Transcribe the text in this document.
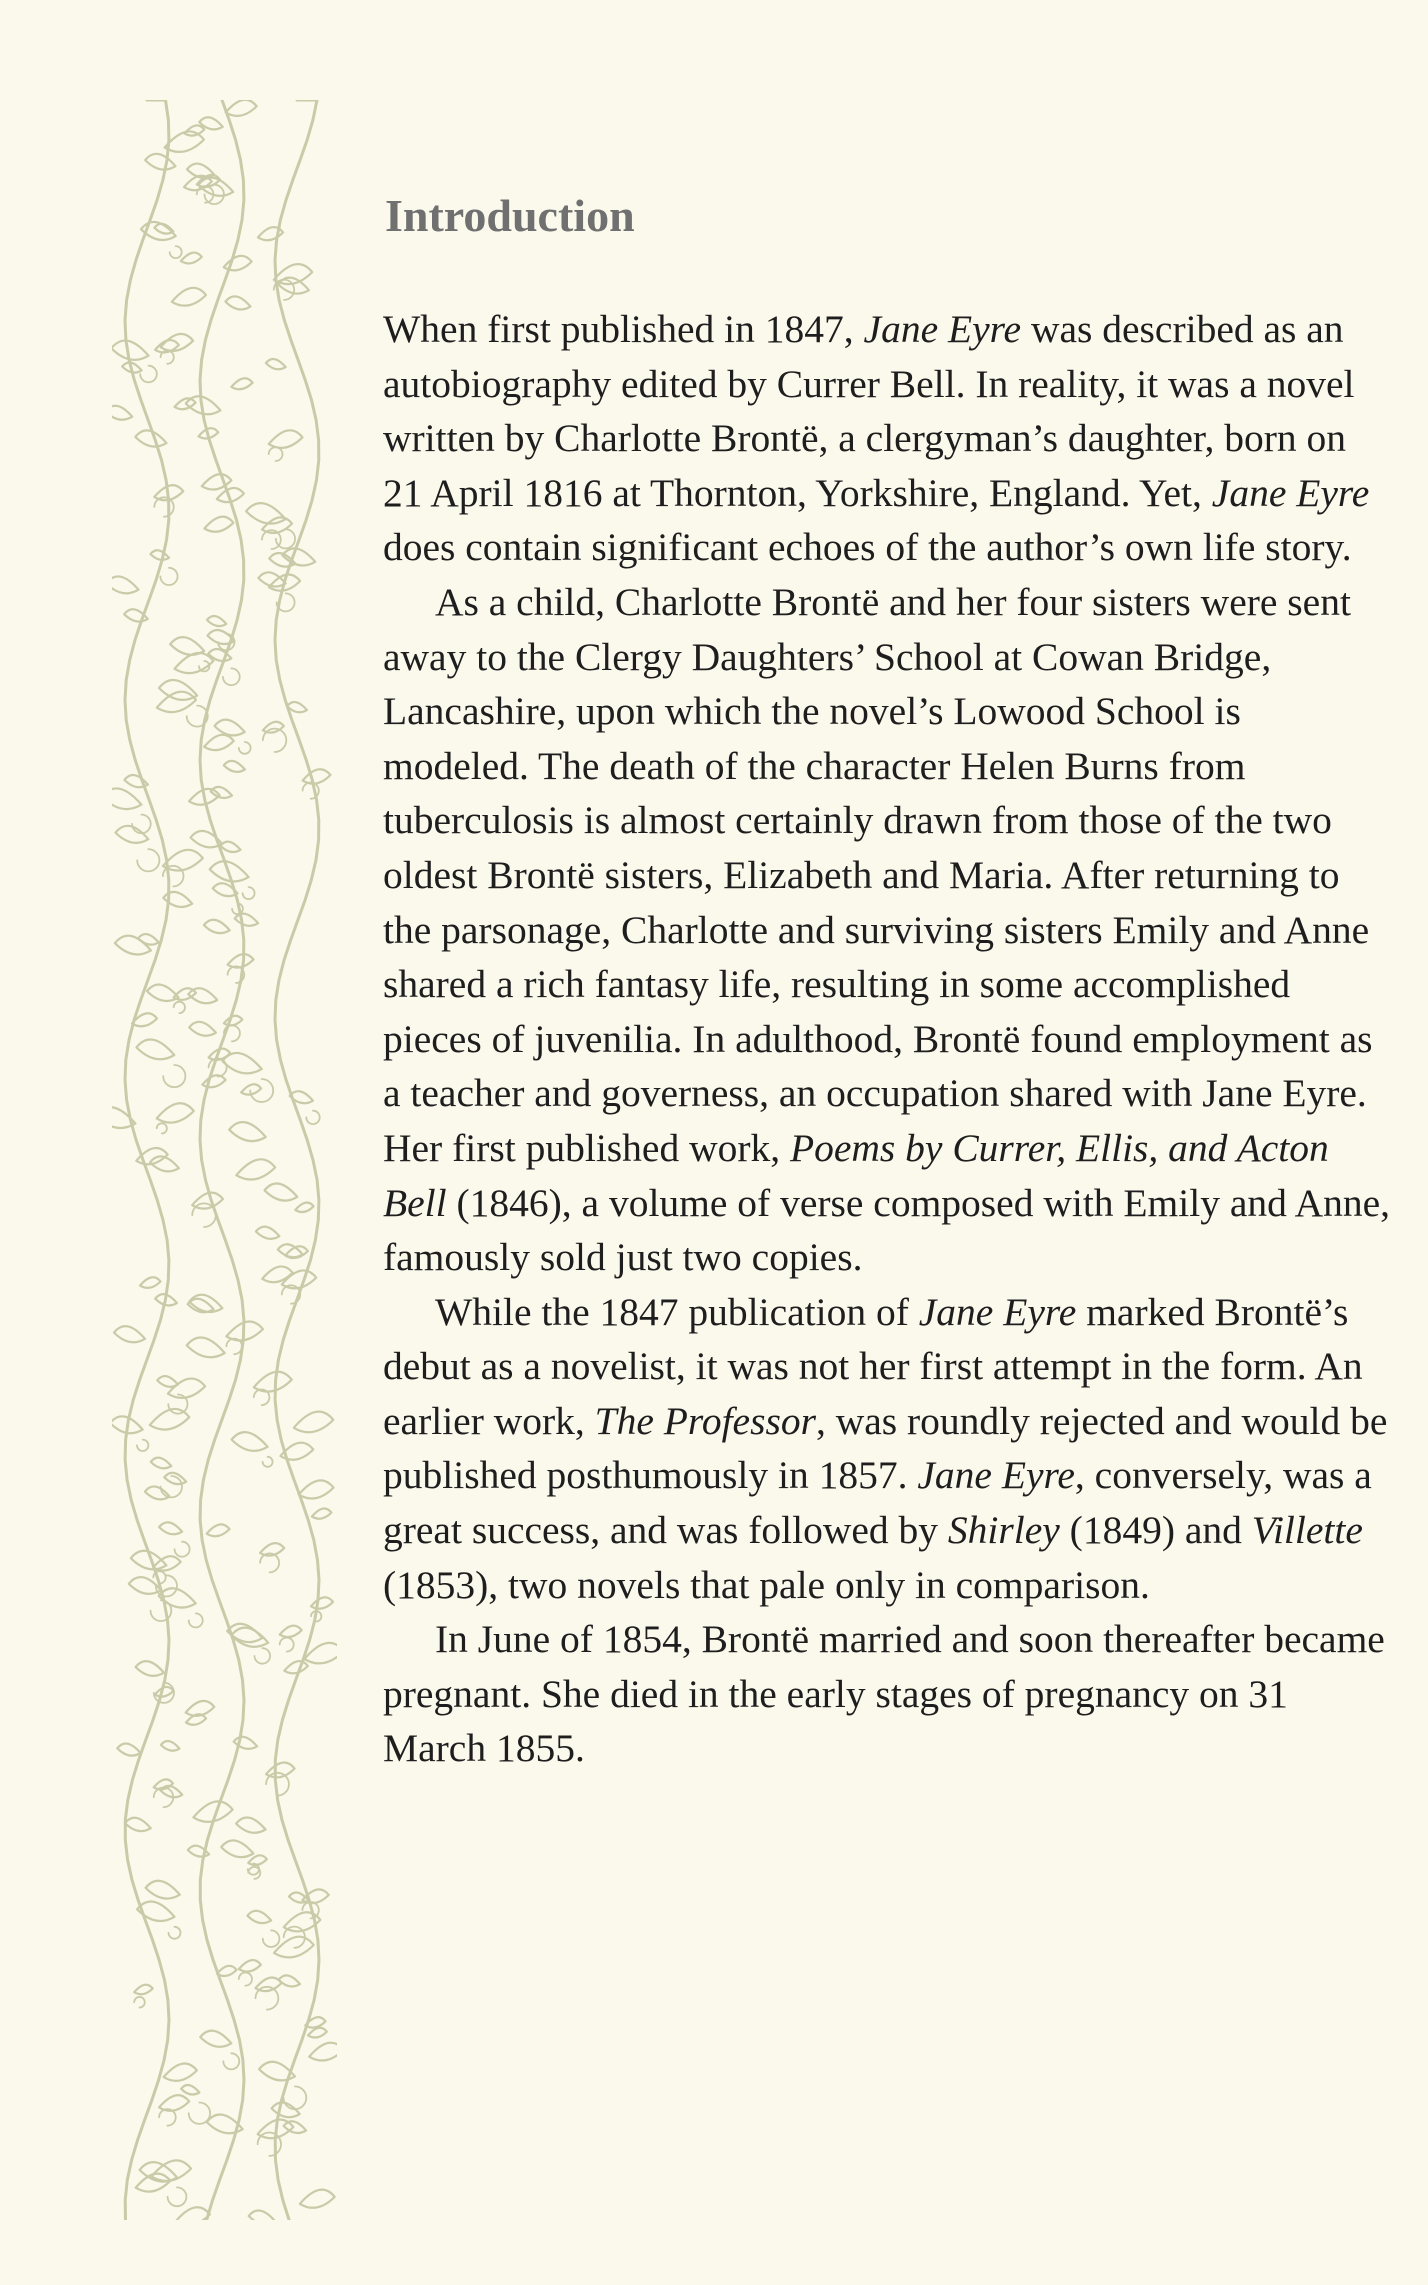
Introduction

When first published in 1847, Jane Eyre was described as an autobiography edited by Currer Bell. In reality, it was a novel written by Charlotte Brontë, a clergyman’s daughter, born on 21 April 1816 at Thornton, Yorkshire, England. Yet, Jane Eyre does contain significant echoes of the author’s own life story.

As a child, Charlotte Brontë and her four sisters were sent away to the Clergy Daughters’ School at Cowan Bridge, Lancashire, upon which the novel’s Lowood School is modeled. The death of the character Helen Burns from tuberculosis is almost certainly drawn from those of the two oldest Brontë sisters, Elizabeth and Maria. After returning to the parsonage, Charlotte and surviving sisters Emily and Anne shared a rich fantasy life, resulting in some accomplished pieces of juvenilia. In adulthood, Brontë found employment as a teacher and governess, an occupation shared with Jane Eyre. Her first published work, Poems by Currer, Ellis, and Acton Bell (1846), a volume of verse composed with Emily and Anne, famously sold just two copies.

While the 1847 publication of Jane Eyre marked Brontë’s debut as a novelist, it was not her first attempt in the form. An earlier work, The Professor, was roundly rejected and would be published posthumously in 1857. Jane Eyre, conversely, was a great success, and was followed by Shirley (1849) and Villette (1853), two novels that pale only in comparison.

In June of 1854, Brontë married and soon thereafter became pregnant. She died in the early stages of pregnancy on 31 March 1855.
